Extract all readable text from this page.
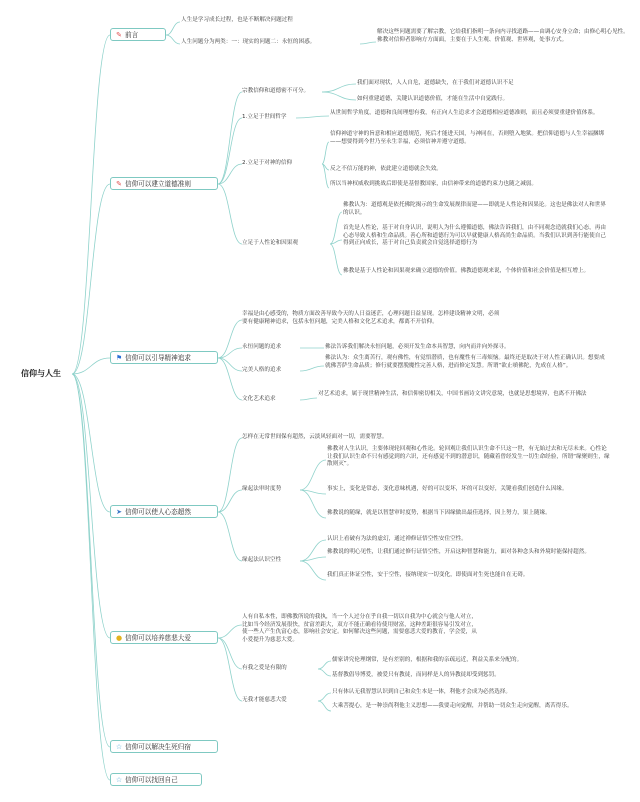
信仰与人生
✎ 前言
✎ 信仰可以建立道德准则
⚑ 信仰可以引导精神追求
➤ 信仰可以使人心态超然
● 信仰可以培养慈悲大爱
☆ 信仰可以解决生死归宿
☆ 信仰可以找回自己
人生是学习成长过程，也是不断解决问题过程
人生问题分为两类：一：现实的问题二：永恒的困惑。
解决这些问题需要了解宗教，它给我们指明一条向内寻找道路——由调心安身立命；由修心明心见性。佛教对信仰者影响方方面面，主要在于人生观、价值观、世界观，处事方式。
宗教信仰和道德密不可分。
我们面对现状，人人自危，道德缺失，在于我们对道德认识不足
如何重建道德，关键认识道德价值，才能在生活中自觉践行。
1.立足于世间哲学
从世间哲学角度，道德和良间理想有我，有正向人生追求才会道德相应道德准则，而且必须要重建价值体系。
2.立足于对神的信仰
信仰神道守神的旨意和相应道德规范，死后才能进天国，与神同在，否则堕入地狱。把信仰道德与人生幸福捆绑——想要得到今世乃至永生幸福，必须信神并遵守道德。
反之不信万能的神，依此建立道德就会失效。
所以当神权威收到挑战后即使是基督教国家，由信神带来的道德约束力也随之减弱。
立足于人性论和因果观
佛教认为：道德观是依托佛陀揭示的生命发展规律而建——即就是人性论和因果论。这也是佛法对人和世界的认识。
首先是人性论，基于对自身认识，说明人为什么遵循道德，佛法告诉我们，由不同观念造就我们心态，再由心态导致人格和生命品质。善心所和道德行为可以早就健康人格高尚生命品质。当我们认识到善行能使自己得到正向成长，基于对自己负责就会自觉选择道德行为
佛教是基于人性论和因果观来确立道德的价值。佛教道德观来说，个体价值和社会价值是相互增上。
幸福是由心感受的，物质方面改善导致今天的人日益迷茫，心理问题日益显现。怎样建设精神文明，必须要有健康精神追求，包括永恒问题，完美人格和文化艺术追求，都离不开信仰。
永恒问题的追求	佛法告诉我们解决永恒问题，必须开发生命本具智慧，向内而并向外探寻。
完美人格的追求
佛法认为：众生离苦行，观有佛性，有觉悟潜质，也有魔性有三毒烦恼。最终还是取决于对人性正确认识。想要成就佛菩萨生命品质；修行就要摆脱魔性完善人格，进而修定发慧。所谓“欲止嗔佛陀，先成在人格”。
文化艺术追求
对艺术追求，属于现世精神生活，和信仰密切相关，中国书画诗文讲究意境，也就是思想境界，也离不开佛法
怎样在无常世间保有超然，云淡风轻面对一切，需要智慧。
缘起法审时度势
佛教对人生认识，主要体现轮回观和心性论。轮回观让我们认识生命不只这一世，有无始过去和无尽未来。心性论让我们认识生命不只有感觉到的六识，还有感觉不到的潜意识，随藏着曾经发生一切生命经验，所谓“缘聚则生，缘散则灭”。
事实上，变化是常态，变化意味机遇，好的可以变坏，坏的可以变好，关键看我们创造什么因缘。
佛教说的随缘，就是以智慧审时度势，根据当下因缘做出最佳选择，因上努力，果上随缘。
缘起法认识空性
认识上看破有为法的虚幻，通过禅修证悟空性安住空性。
佛教说的明心见性，让我们通过修行证悟空性，开启这种智慧和能力，面对各种念头和外境时能保持超然。
我们真正体证空性，安于空性，接纳现实一切变化，即使面对生死也能自在无碍。
人有自私本性，即佛教所说的我执，当一个人过分在乎自我一切以自我为中心就会与他人对立，比如当今经济发展很快，贫富差距大，双方不能正确看待使用财富，这种差距很容易引发对立，使一些人产生仇富心态，影响社会安定。如何解决这些问题，需要慈悲大爱的教育，学会爱，从小爱提升为慈悲大爱。
有我之爱是有限的
儒家讲究伦理纲常，是有差别的，根据和我的亲疏远近，利益关系来分配的。
基督教倡导博爱，被爱只有教徒，而同样是人的异教徒却受到惩罚。
无我才能慈悲大爱
只有体认无我智慧认识到自己和众生本是一体，利他才会成为必然选择。
大乘菩提心，是一种崇尚利他主义思想——我要走向觉醒，并帮助一切众生走向觉醒，离苦得乐。
